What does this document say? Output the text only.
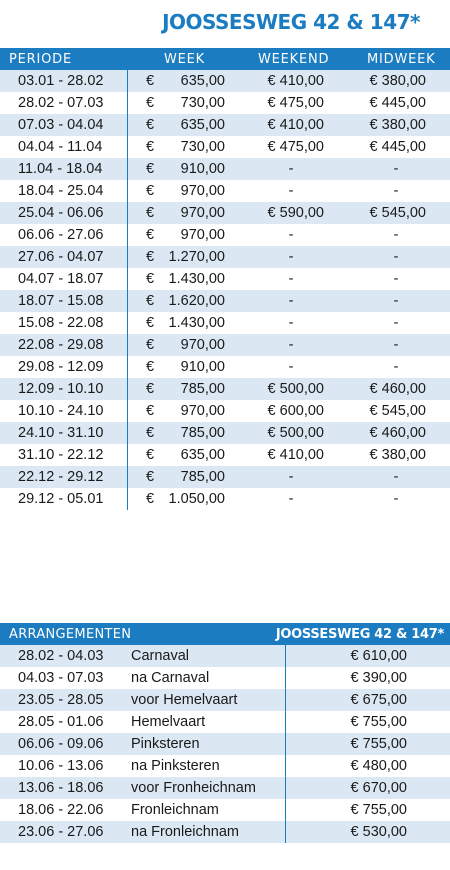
JOOSSESWEG 42 & 147*
PERIODE	WEEK	WEEKEND	MIDWEEK
03.01 - 28.02	€ 635,00	€ 410,00	€ 380,00
28.02 - 07.03	€ 730,00	€ 475,00	€ 445,00
07.03 - 04.04	€ 635,00	€ 410,00	€ 380,00
04.04 - 11.04	€ 730,00	€ 475,00	€ 445,00
11.04 - 18.04	€ 910,00	-	-
18.04 - 25.04	€ 970,00	-	-
25.04 - 06.06	€ 970,00	€ 590,00	€ 545,00
06.06 - 27.06	€ 970,00	-	-
27.06 - 04.07	€ 1.270,00	-	-
04.07 - 18.07	€ 1.430,00	-	-
18.07 - 15.08	€ 1.620,00	-	-
15.08 - 22.08	€ 1.430,00	-	-
22.08 - 29.08	€ 970,00	-	-
29.08 - 12.09	€ 910,00	-	-
12.09 - 10.10	€ 785,00	€ 500,00	€ 460,00
10.10 - 24.10	€ 970,00	€ 600,00	€ 545,00
24.10 - 31.10	€ 785,00	€ 500,00	€ 460,00
31.10 - 22.12	€ 635,00	€ 410,00	€ 380,00
22.12 - 29.12	€ 785,00	-	-
29.12 - 05.01	€ 1.050,00	-	-
ARRANGEMENTEN	JOOSSESWEG 42 & 147*
28.02 - 04.03 Carnaval	€ 610,00
04.03 - 07.03 na Carnaval	€ 390,00
23.05 - 28.05 voor Hemelvaart	€ 675,00
28.05 - 01.06 Hemelvaart	€ 755,00
06.06 - 09.06 Pinksteren	€ 755,00
10.06 - 13.06 na Pinksteren	€ 480,00
13.06 - 18.06 voor Fronheichnam	€ 670,00
18.06 - 22.06 Fronleichnam	€ 755,00
23.06 - 27.06 na Fronleichnam	€ 530,00
